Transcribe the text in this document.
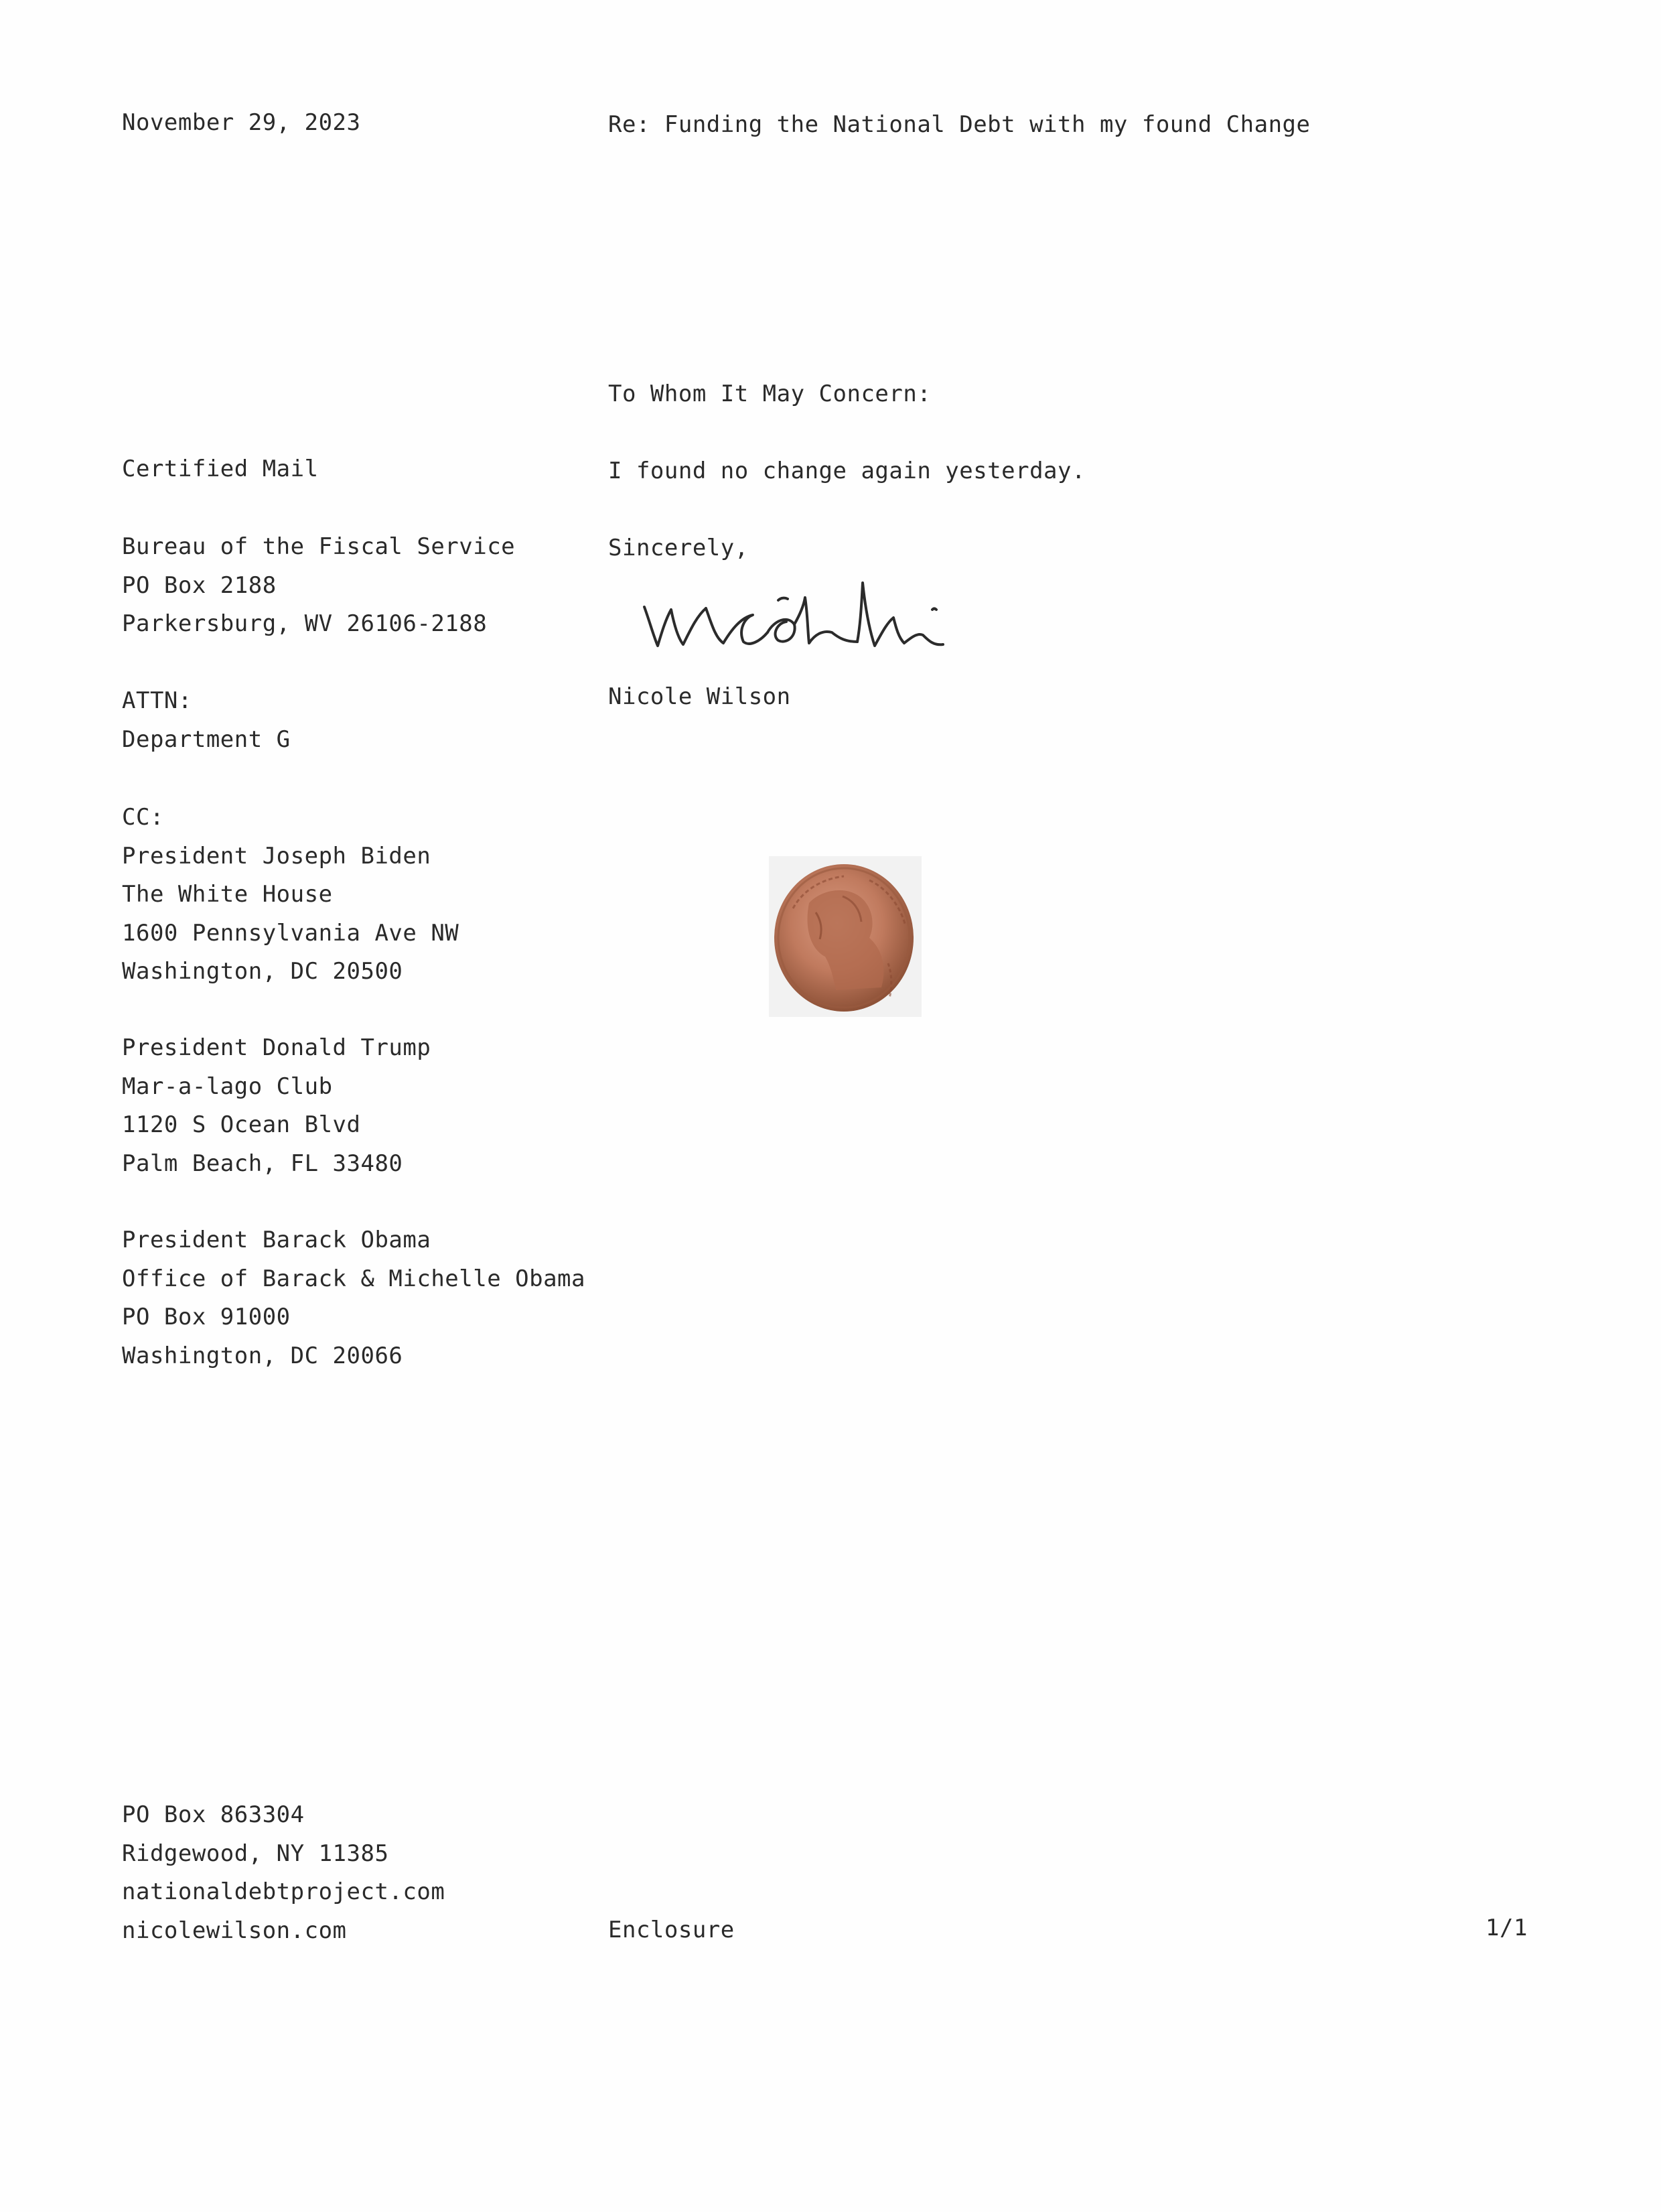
November 29, 2023	Re: Funding the National Debt with my found Change
To Whom It May Concern:
I found no change again yesterday.
Sincerely,
Nicole Wilson
Certified Mail
Bureau of the Fiscal Service
PO Box 2188
Parkersburg, WV 26106-2188
ATTN:
Department G
CC:
President Joseph Biden
The White House
1600 Pennsylvania Ave NW
Washington, DC 20500
President Donald Trump
Mar-a-lago Club
1120 S Ocean Blvd
Palm Beach, FL 33480
President Barack Obama
Office of Barack & Michelle Obama
PO Box 91000
Washington, DC 20066
PO Box 863304
Ridgewood, NY 11385
nationaldebtproject.com
nicolewilson.com	Enclosure	1/1
